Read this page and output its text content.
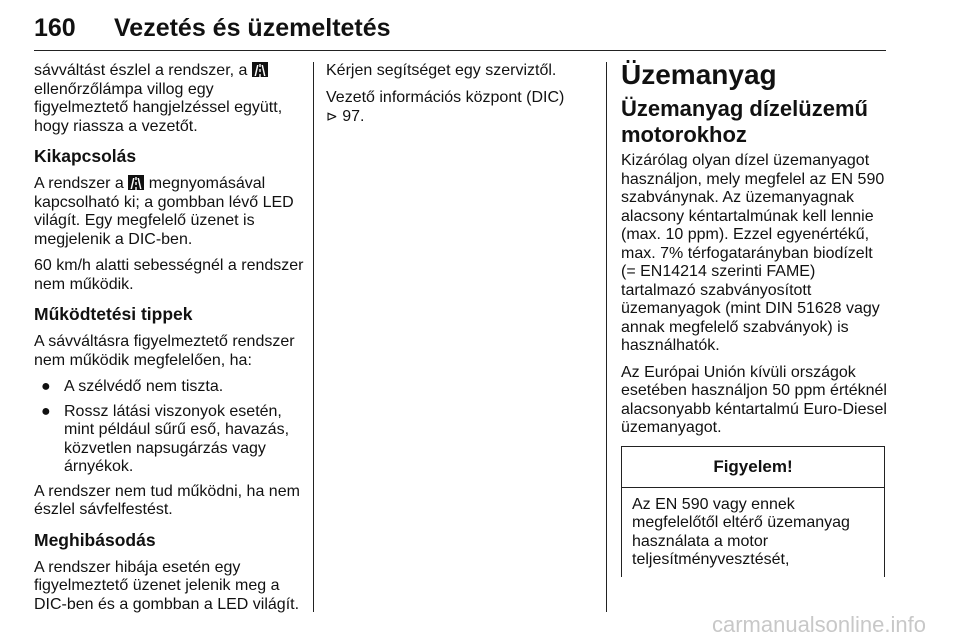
160 Vezetés és üzemeltetés

sávváltást észlel a rendszer, a
ellenőrzőlámpa villog egy figyelmeztető hangjelzéssel együtt, hogy riassza a vezetőt.

Kikapcsolás

A rendszer a megnyomásával kapcsolható ki; a gombban lévő LED világít. Egy megfelelő üzenet is megjelenik a DIC-ben.

60 km/h alatti sebességnél a rendszer nem működik.

Működtetési tippek

A sávváltásra figyelmeztető rendszer nem működik megfelelően, ha:

● A szélvédő nem tiszta.
● Rossz látási viszonyok esetén, mint például sűrű eső, havazás, közvetlen napsugárzás vagy árnyékok.

A rendszer nem tud működni, ha nem észlel sávfelfestést.

Meghibásodás

A rendszer hibája esetén egy figyelmeztető üzenet jelenik meg a DIC-ben és a gombban a LED világít.

Kérjen segítséget egy szerviztől.

Vezető információs központ (DIC)
⊳ 97.

Üzemanyag
Üzemanyag dízelüzemű motorokhoz

Kizárólag olyan dízel üzemanyagot használjon, mely megfelel az EN 590 szabványnak. Az üzemanyagnak alacsony kéntartalmúnak kell lennie (max. 10 ppm). Ezzel egyenértékű, max. 7% térfogatarányban biodízelt (= EN14214 szerinti FAME) tartalmazó szabványosított üzemanyagok (mint DIN 51628 vagy annak megfelelő szabványok) is használhatók.

Az Európai Unión kívüli országok esetében használjon 50 ppm értéknél alacsonyabb kéntartalmú Euro-Diesel üzemanyagot.

Figyelem!
Az EN 590 vagy ennek megfelelőtől eltérő üzemanyag használata a motor teljesítményvesztését,
carmanualsonline.info
